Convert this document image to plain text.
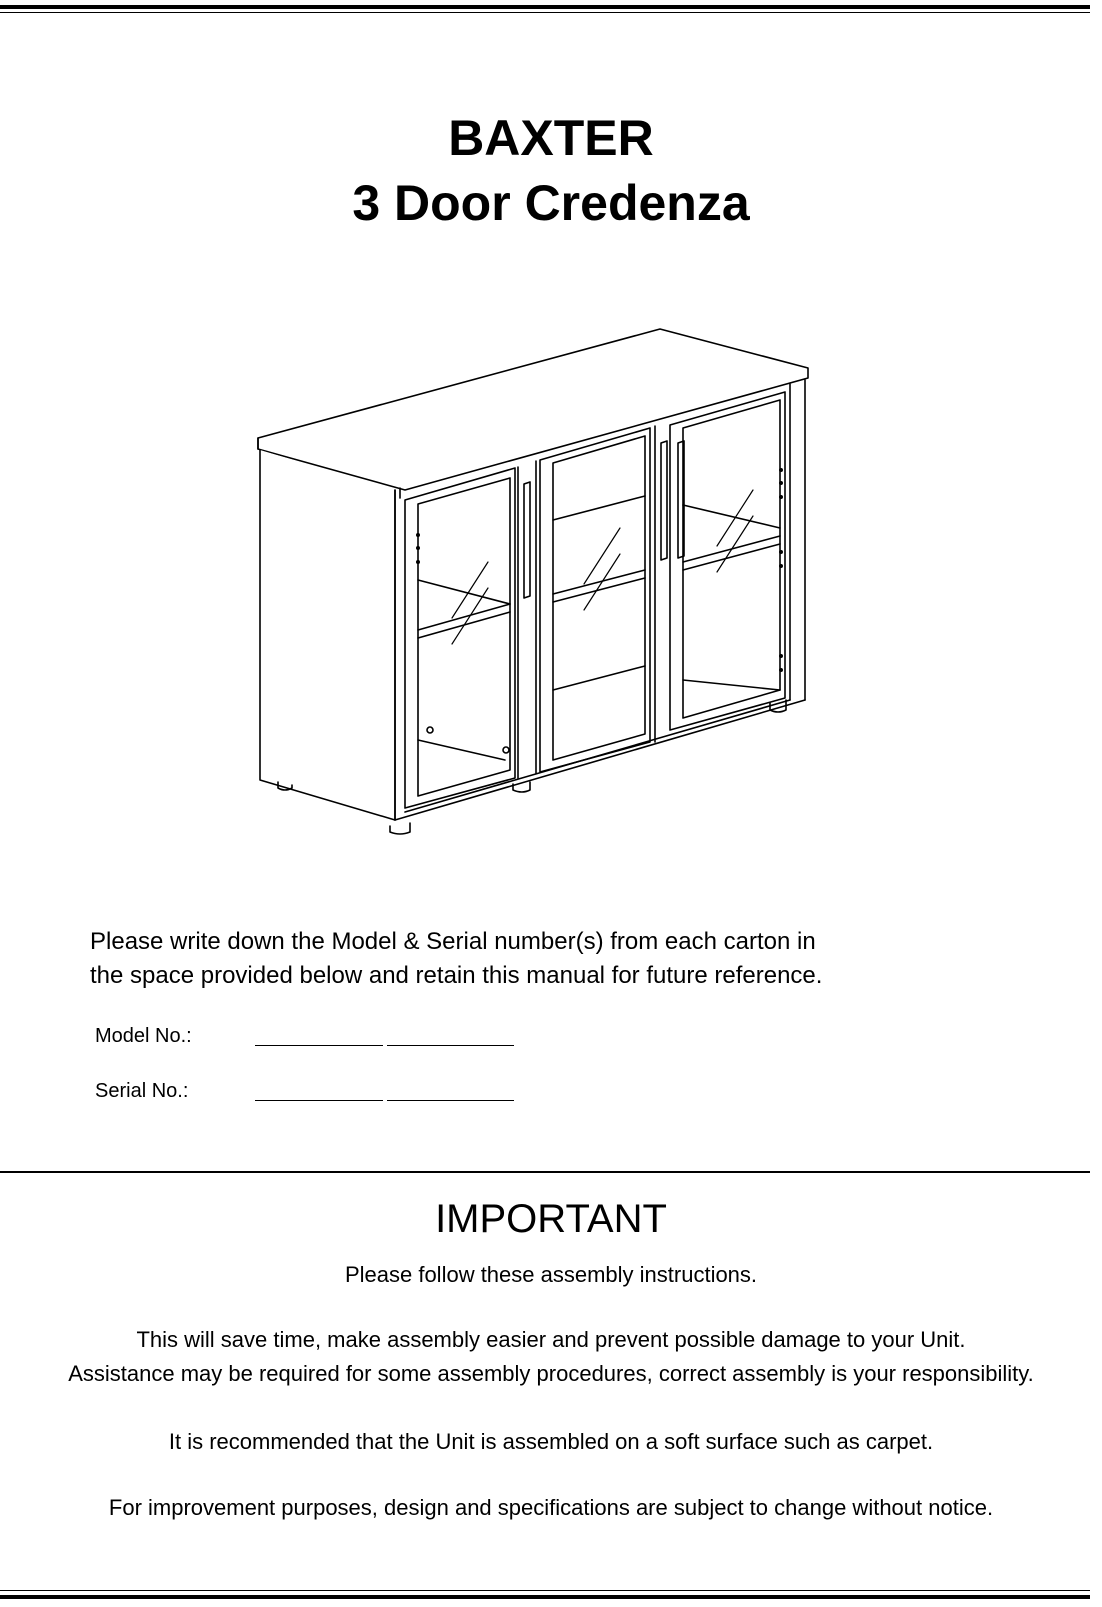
BAXTER
3 Door Credenza
Please write down the Model & Serial number(s) from each carton in
the space provided below and retain this manual for future reference.
Model No.:
Serial No.:
IMPORTANT
Please follow these assembly instructions.
This will save time, make assembly easier and prevent possible damage to your Unit.
Assistance may be required for some assembly procedures, correct assembly is your responsibility.
It is recommended that the Unit is assembled on a soft surface such as carpet.
For improvement purposes, design and specifications are subject to change without notice.
